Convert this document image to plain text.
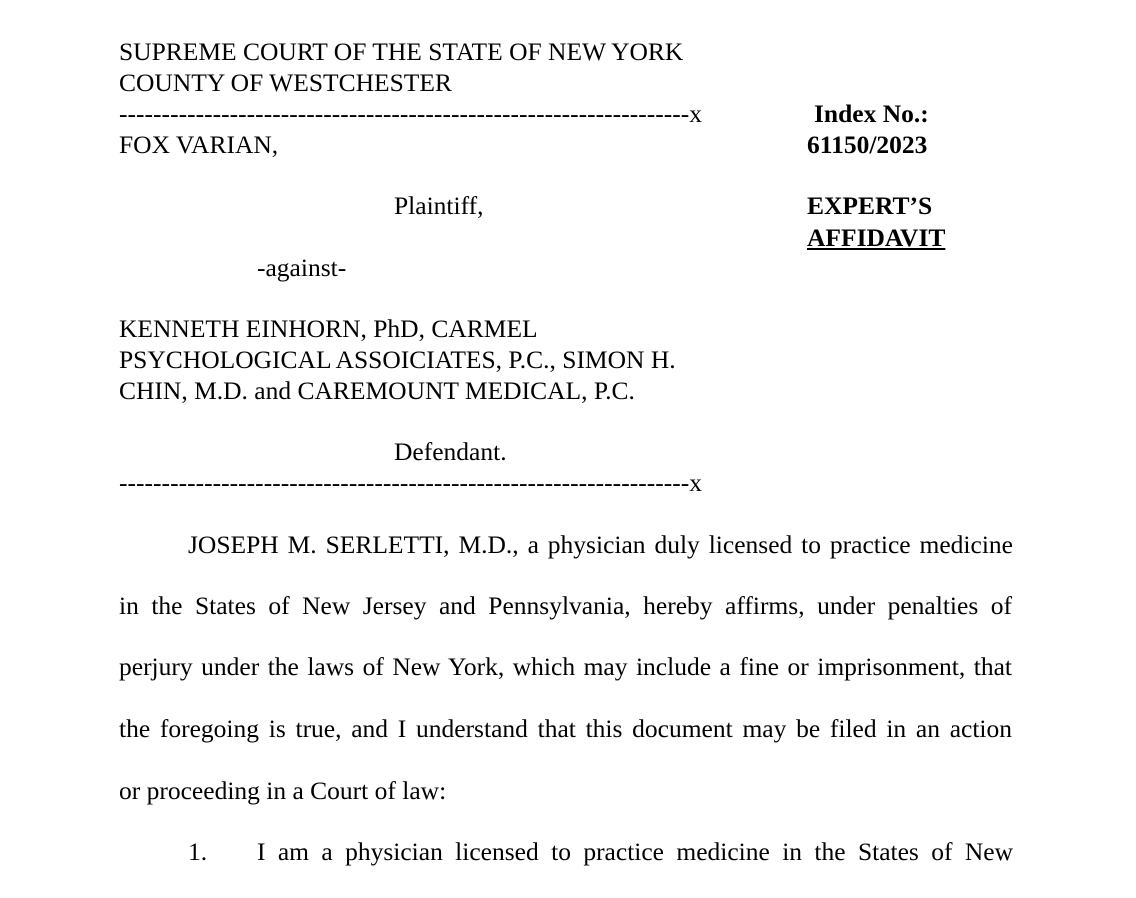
SUPREME COURT OF THE STATE OF NEW YORK
COUNTY OF WESTCHESTER
-------------------------------------------------------------------x	Index No.:
61150/2023
FOX VARIAN,
Plaintiff,	EXPERT’S
AFFIDAVIT
-against-
KENNETH EINHORN, PhD, CARMEL
PSYCHOLOGICAL ASSOICIATES, P.C., SIMON H.
CHIN, M.D. and CAREMOUNT MEDICAL, P.C.
Defendant.
-------------------------------------------------------------------x
JOSEPH M. SERLETTI, M.D., a physician duly licensed to practice medicine
in the States of New Jersey and Pennsylvania, hereby affirms, under penalties of
perjury under the laws of New York, which may include a fine or imprisonment, that
the foregoing is true, and I understand that this document may be filed in an action
or proceeding in a Court of law:
1. I am a physician licensed to practice medicine in the States of New
